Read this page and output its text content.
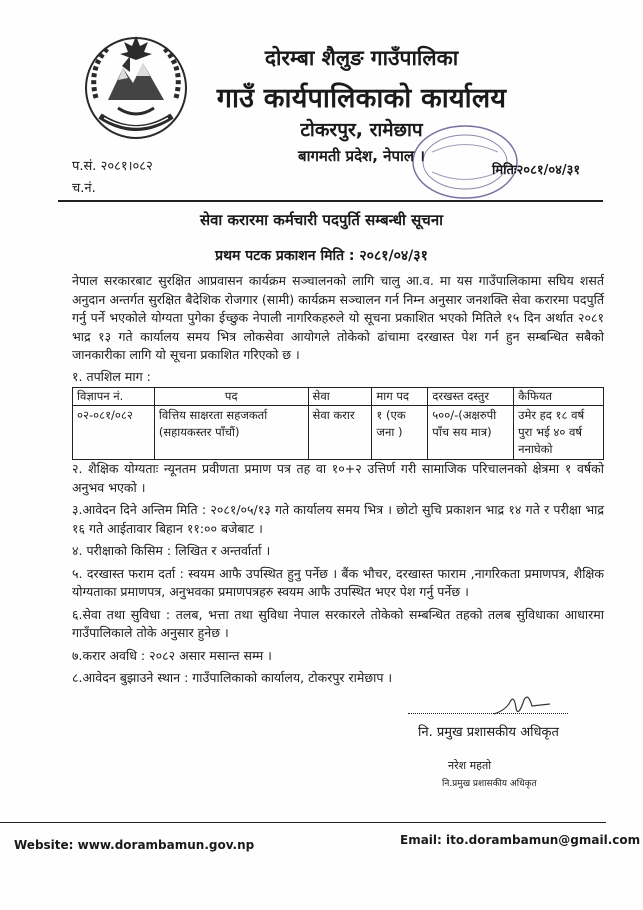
दोरम्बा शैलुङ गाउँपालिका
गाउँ कार्यपालिकाको कार्यालय
टोकरपुर, रामेछाप
बागमती प्रदेश, नेपाल ।
प.सं. २०८१।०८२
च.नं.
मितिः२०८१/०४/३१
सेवा करारमा कर्मचारी पदपुर्ति सम्बन्धी सूचना
प्रथम पटक प्रकाशन मिति : २०८१/०४/३१
नेपाल सरकारबाट सुरक्षित आप्रवासन कार्यक्रम सञ्चालनको लागि चालु आ.व. मा यस गाउँपालिकामा सघिय शसर्त अनुदान अन्तर्गत सुरक्षित बैदेशिक रोजगार (सामी) कार्यक्रम सञ्चालन गर्न निम्न अनुसार जनशक्ति सेवा करारमा पदपुर्ति गर्नु पर्ने भएकोले योग्यता पुगेका ईच्छुक नेपाली नागरिकहरुले यो सूचना प्रकाशित भएको मितिले १५ दिन अर्थात २०८१ भाद्र १३ गते कार्यालय समय भित्र लोकसेवा आयोगले तोकेको ढांचामा दरखास्त पेश गर्न हुन सम्बन्धित सबैको जानकारीका लागि यो सूचना प्रकाशित गरिएको छ ।
१. तपशिल माग :
विज्ञापन नं.	पद	सेवा	माग पद	दरखस्त दस्तुर	कैफियत
०२-०८१/०८२	वित्तिय साक्षरता सहजकर्ता (सहायकस्तर पाँचौं)	सेवा करार	१ (एक जना )	५००/-(अक्षरुपी पाँच सय मात्र)	उमेर हद १८ वर्ष पुरा भई ४० वर्ष ननाघेको

२. शैक्षिक योग्यताः न्यूनतम प्रवीणता प्रमाण पत्र तह वा १०+२ उत्तिर्ण गरी सामाजिक परिचालनको क्षेत्रमा १ वर्षको अनुभव भएको ।

३.आवेदन दिने अन्तिम मिति : २०८१/०५/१३ गते कार्यालय समय भित्र । छोटो सुचि प्रकाशन भाद्र १४ गते र परीक्षा भाद्र १६ गते आईतावार बिहान ११:०० बजेबाट ।

४. परीक्षाको किसिम : लिखित र अन्तर्वार्ता ।

५. दरखास्त फराम दर्ता : स्वयम आफै उपस्थित हुनु पर्नेछ । बैंक भौचर, दरखास्त फाराम ,नागरिकता प्रमाणपत्र, शैक्षिक योग्यताका प्रमाणपत्र, अनुभवका प्रमाणपत्रहरु स्वयम आफै उपस्थित भएर पेश गर्नु पर्नेछ ।

६.सेवा तथा सुविधा : तलब, भत्ता तथा सुविधा नेपाल सरकारले तोकेको सम्बन्धित तहको तलब सुविधाका आधारमा गाउँपालिकाले तोके अनुसार हुनेछ ।

७.करार अवधि : २०८२ असार मसान्त सम्म ।

८.आवेदन बुझाउने स्थान : गाउँपालिकाको कार्यालय, टोकरपुर रामेछाप ।

नि. प्रमुख प्रशासकीय अधिकृत
नरेश महतो
नि.प्रमुख प्रशासकीय अधिकृत
Website: www.dorambamun.gov.np	Email: ito.dorambamun@gmail.com
